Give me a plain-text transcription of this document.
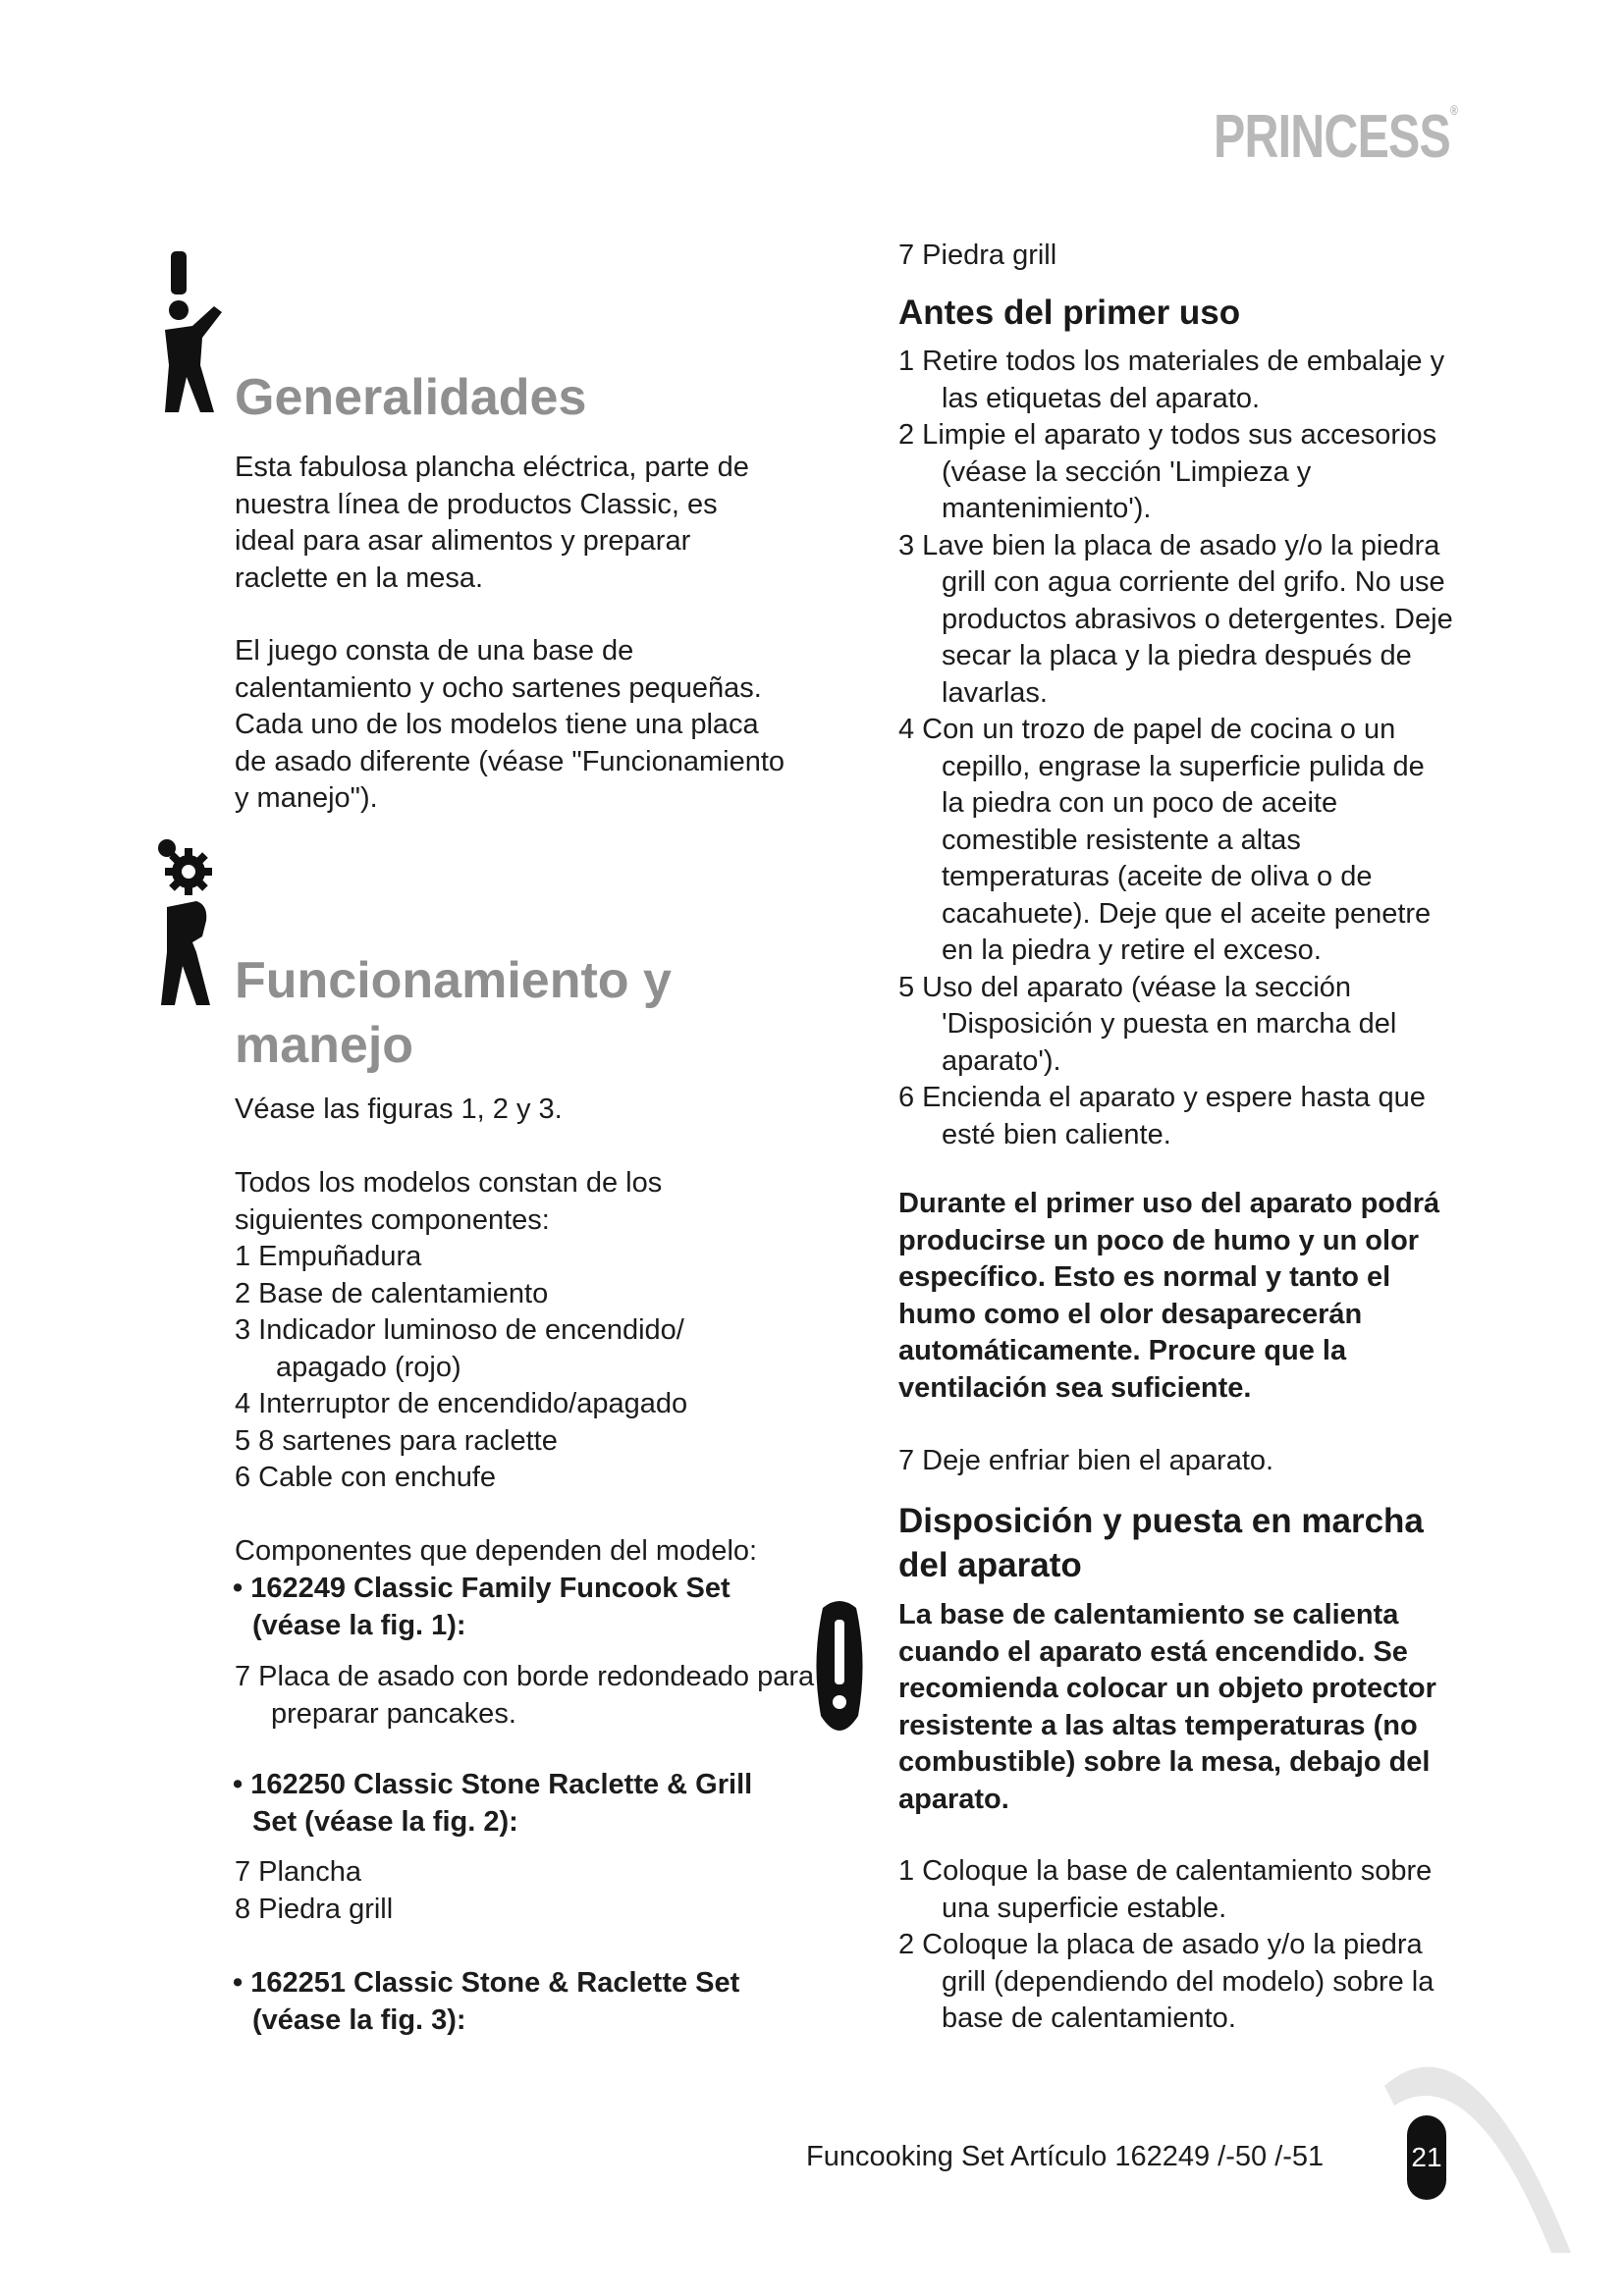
PRINCESS®
Generalidades

Esta fabulosa plancha eléctrica, parte de nuestra línea de productos Classic, es ideal para asar alimentos y preparar raclette en la mesa.

El juego consta de una base de calentamiento y ocho sartenes pequeñas. Cada uno de los modelos tiene una placa de asado diferente (véase "Funcionamiento y manejo").

Funcionamiento y
manejo

Véase las figuras 1, 2 y 3.

Todos los modelos constan de los siguientes componentes:

1 Empuñadura

2 Base de calentamiento

3 Indicador luminoso de encendido/ apagado (rojo)

4 Interruptor de encendido/apagado

5 8 sartenes para raclette

6 Cable con enchufe

Componentes que dependen del modelo:

• 162249 Classic Family Funcook Set (véase la fig. 1):

7 Placa de asado con borde redondeado para preparar pancakes.

• 162250 Classic Stone Raclette & Grill Set (véase la fig. 2):

7 Plancha

8 Piedra grill

• 162251 Classic Stone & Raclette Set (véase la fig. 3):

7 Piedra grill

Antes del primer uso

1 Retire todos los materiales de embalaje y las etiquetas del aparato.

2 Limpie el aparato y todos sus accesorios (véase la sección 'Limpieza y mantenimiento').

3 Lave bien la placa de asado y/o la piedra grill con agua corriente del grifo. No use productos abrasivos o detergentes. Deje secar la placa y la piedra después de lavarlas.

4 Con un trozo de papel de cocina o un cepillo, engrase la superficie pulida de la piedra con un poco de aceite comestible resistente a altas temperaturas (aceite de oliva o de cacahuete). Deje que el aceite penetre en la piedra y retire el exceso.

5 Uso del aparato (véase la sección 'Disposición y puesta en marcha del aparato').

6 Encienda el aparato y espere hasta que esté bien caliente.

Durante el primer uso del aparato podrá producirse un poco de humo y un olor específico. Esto es normal y tanto el humo como el olor desaparecerán automáticamente. Procure que la ventilación sea suficiente.

7 Deje enfriar bien el aparato.

Disposición y puesta en marcha del aparato

La base de calentamiento se calienta cuando el aparato está encendido. Se recomienda colocar un objeto protector resistente a las altas temperaturas (no combustible) sobre la mesa, debajo del aparato.

1 Coloque la base de calentamiento sobre una superficie estable.

2 Coloque la placa de asado y/o la piedra grill (dependiendo del modelo) sobre la base de calentamiento.

Funcooking Set Artículo 162249 /-50 /-51	21
